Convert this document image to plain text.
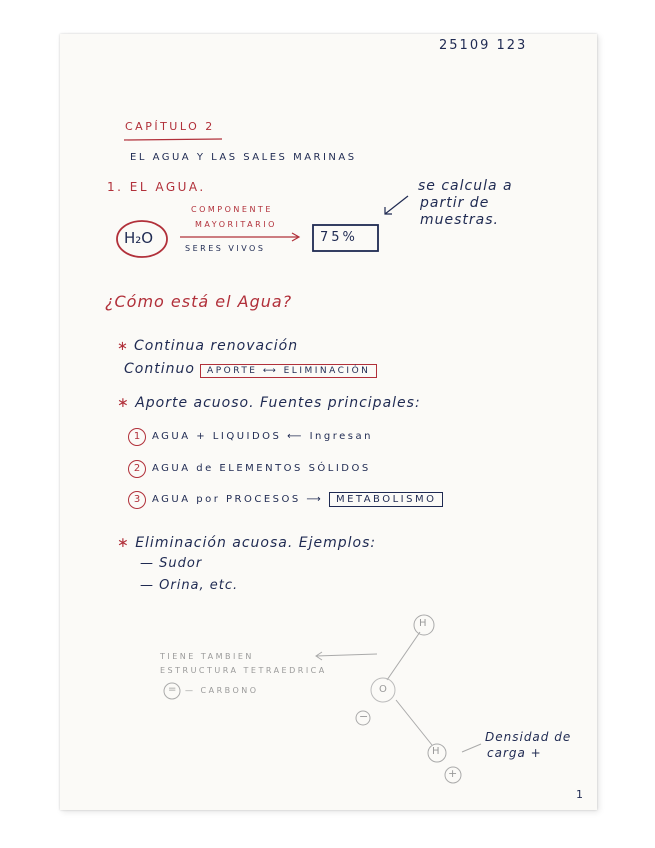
25109 123
CAPÍTULO 2
EL AGUA Y LAS SALES MARINAS
1. EL AGUA.
H₂O
COMPONENTE
MAYORITARIO
SERES VIVOS
75%
se calcula a
partir de
muestras.
¿Cómo está el Agua?
∗ Continua renovación
Continuo APORTE ⟷ ELIMINACIÓN
∗ Aporte acuoso. Fuentes principales:
1 AGUA + LIQUIDOS ⟵ Ingresan
2 AGUA de ELEMENTOS SÓLIDOS
3 AGUA por PROCESOS ⟶ METABOLISMO
∗ Eliminación acuosa. Ejemplos:
— Sudor
— Orina, etc.
TIENE TAMBIEN
ESTRUCTURA TETRAEDRICA
= — CARBONO
H
O
−
H
+
Densidad de
carga +
1
